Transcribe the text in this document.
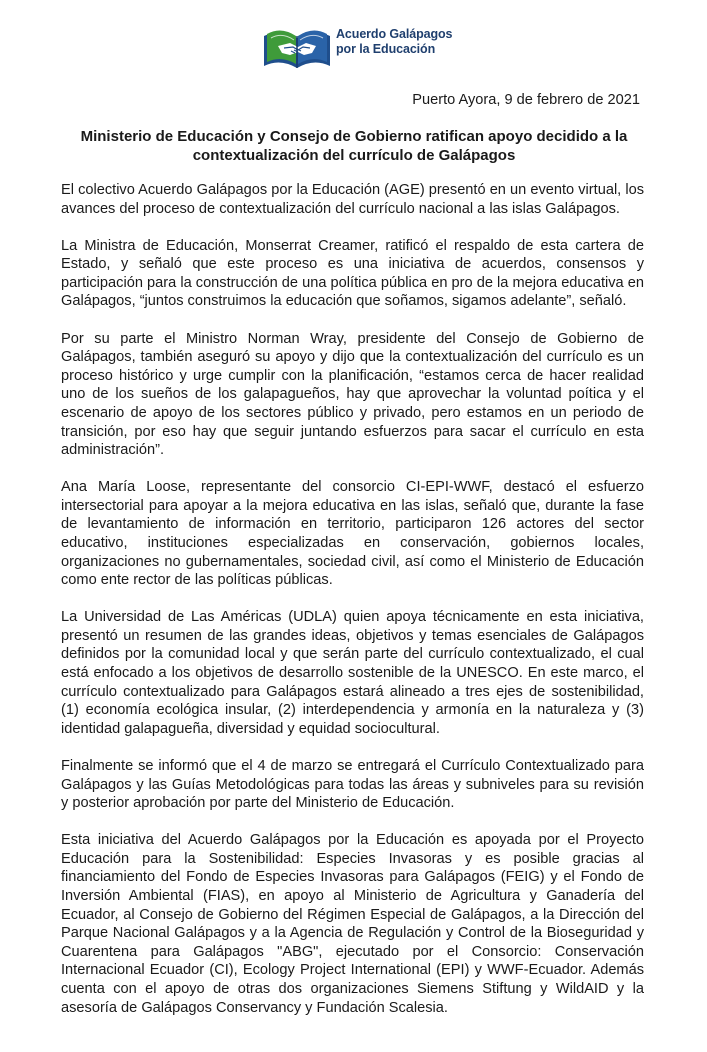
Acuerdo Galápagos
por la Educación
Puerto Ayora, 9 de febrero de 2021
Ministerio de Educación y Consejo de Gobierno ratifican apoyo decidido a la contextualización del currículo de Galápagos

El colectivo Acuerdo Galápagos por la Educación (AGE) presentó en un evento virtual, los avances del proceso de contextualización del currículo nacional a las islas Galápagos.

La Ministra de Educación, Monserrat Creamer, ratificó el respaldo de esta cartera de Estado, y señaló que este proceso es una iniciativa de acuerdos, consensos y participación para la construcción de una política pública en pro de la mejora educativa en Galápagos, “juntos construimos la educación que soñamos, sigamos adelante”, señaló.

Por su parte el Ministro Norman Wray, presidente del Consejo de Gobierno de Galápagos, también aseguró su apoyo y dijo que la contextualización del currículo es un proceso histórico y urge cumplir con la planificación, “estamos cerca de hacer realidad uno de los sueños de los galapagueños, hay que aprovechar la voluntad poítica y el escenario de apoyo de los sectores público y privado, pero estamos en un periodo de transición, por eso hay que seguir juntando esfuerzos para sacar el currículo en esta administración”.

Ana María Loose, representante del consorcio CI-EPI-WWF, destacó el esfuerzo intersectorial para apoyar a la mejora educativa en las islas, señaló que, durante la fase de levantamiento de información en territorio, participaron 126 actores del sector educativo, instituciones especializadas en conservación, gobiernos locales, organizaciones no gubernamentales, sociedad civil, así como el Ministerio de Educación como ente rector de las políticas públicas.

La Universidad de Las Américas (UDLA) quien apoya técnicamente en esta iniciativa, presentó un resumen de las grandes ideas, objetivos y temas esenciales de Galápagos definidos por la comunidad local y que serán parte del currículo contextualizado, el cual está enfocado a los objetivos de desarrollo sostenible de la UNESCO. En este marco, el currículo contextualizado para Galápagos estará alineado a tres ejes de sostenibilidad, (1) economía ecológica insular, (2) interdependencia y armonía en la naturaleza y (3) identidad galapagueña, diversidad y equidad sociocultural.

Finalmente se informó que el 4 de marzo se entregará el Currículo Contextualizado para Galápagos y las Guías Metodológicas para todas las áreas y subniveles para su revisión y posterior aprobación por parte del Ministerio de Educación.

Esta iniciativa del Acuerdo Galápagos por la Educación es apoyada por el Proyecto Educación para la Sostenibilidad: Especies Invasoras y es posible gracias al financiamiento del Fondo de Especies Invasoras para Galápagos (FEIG) y el Fondo de Inversión Ambiental (FIAS), en apoyo al Ministerio de Agricultura y Ganadería del Ecuador, al Consejo de Gobierno del Régimen Especial de Galápagos, a la Dirección del Parque Nacional Galápagos y a la Agencia de Regulación y Control de la Bioseguridad y Cuarentena para Galápagos "ABG", ejecutado por el Consorcio: Conservación Internacional Ecuador (CI), Ecology Project International (EPI) y WWF-Ecuador. Además cuenta con el apoyo de otras dos organizaciones Siemens Stiftung y WildAID y la asesoría de Galápagos Conservancy y Fundación Scalesia.
